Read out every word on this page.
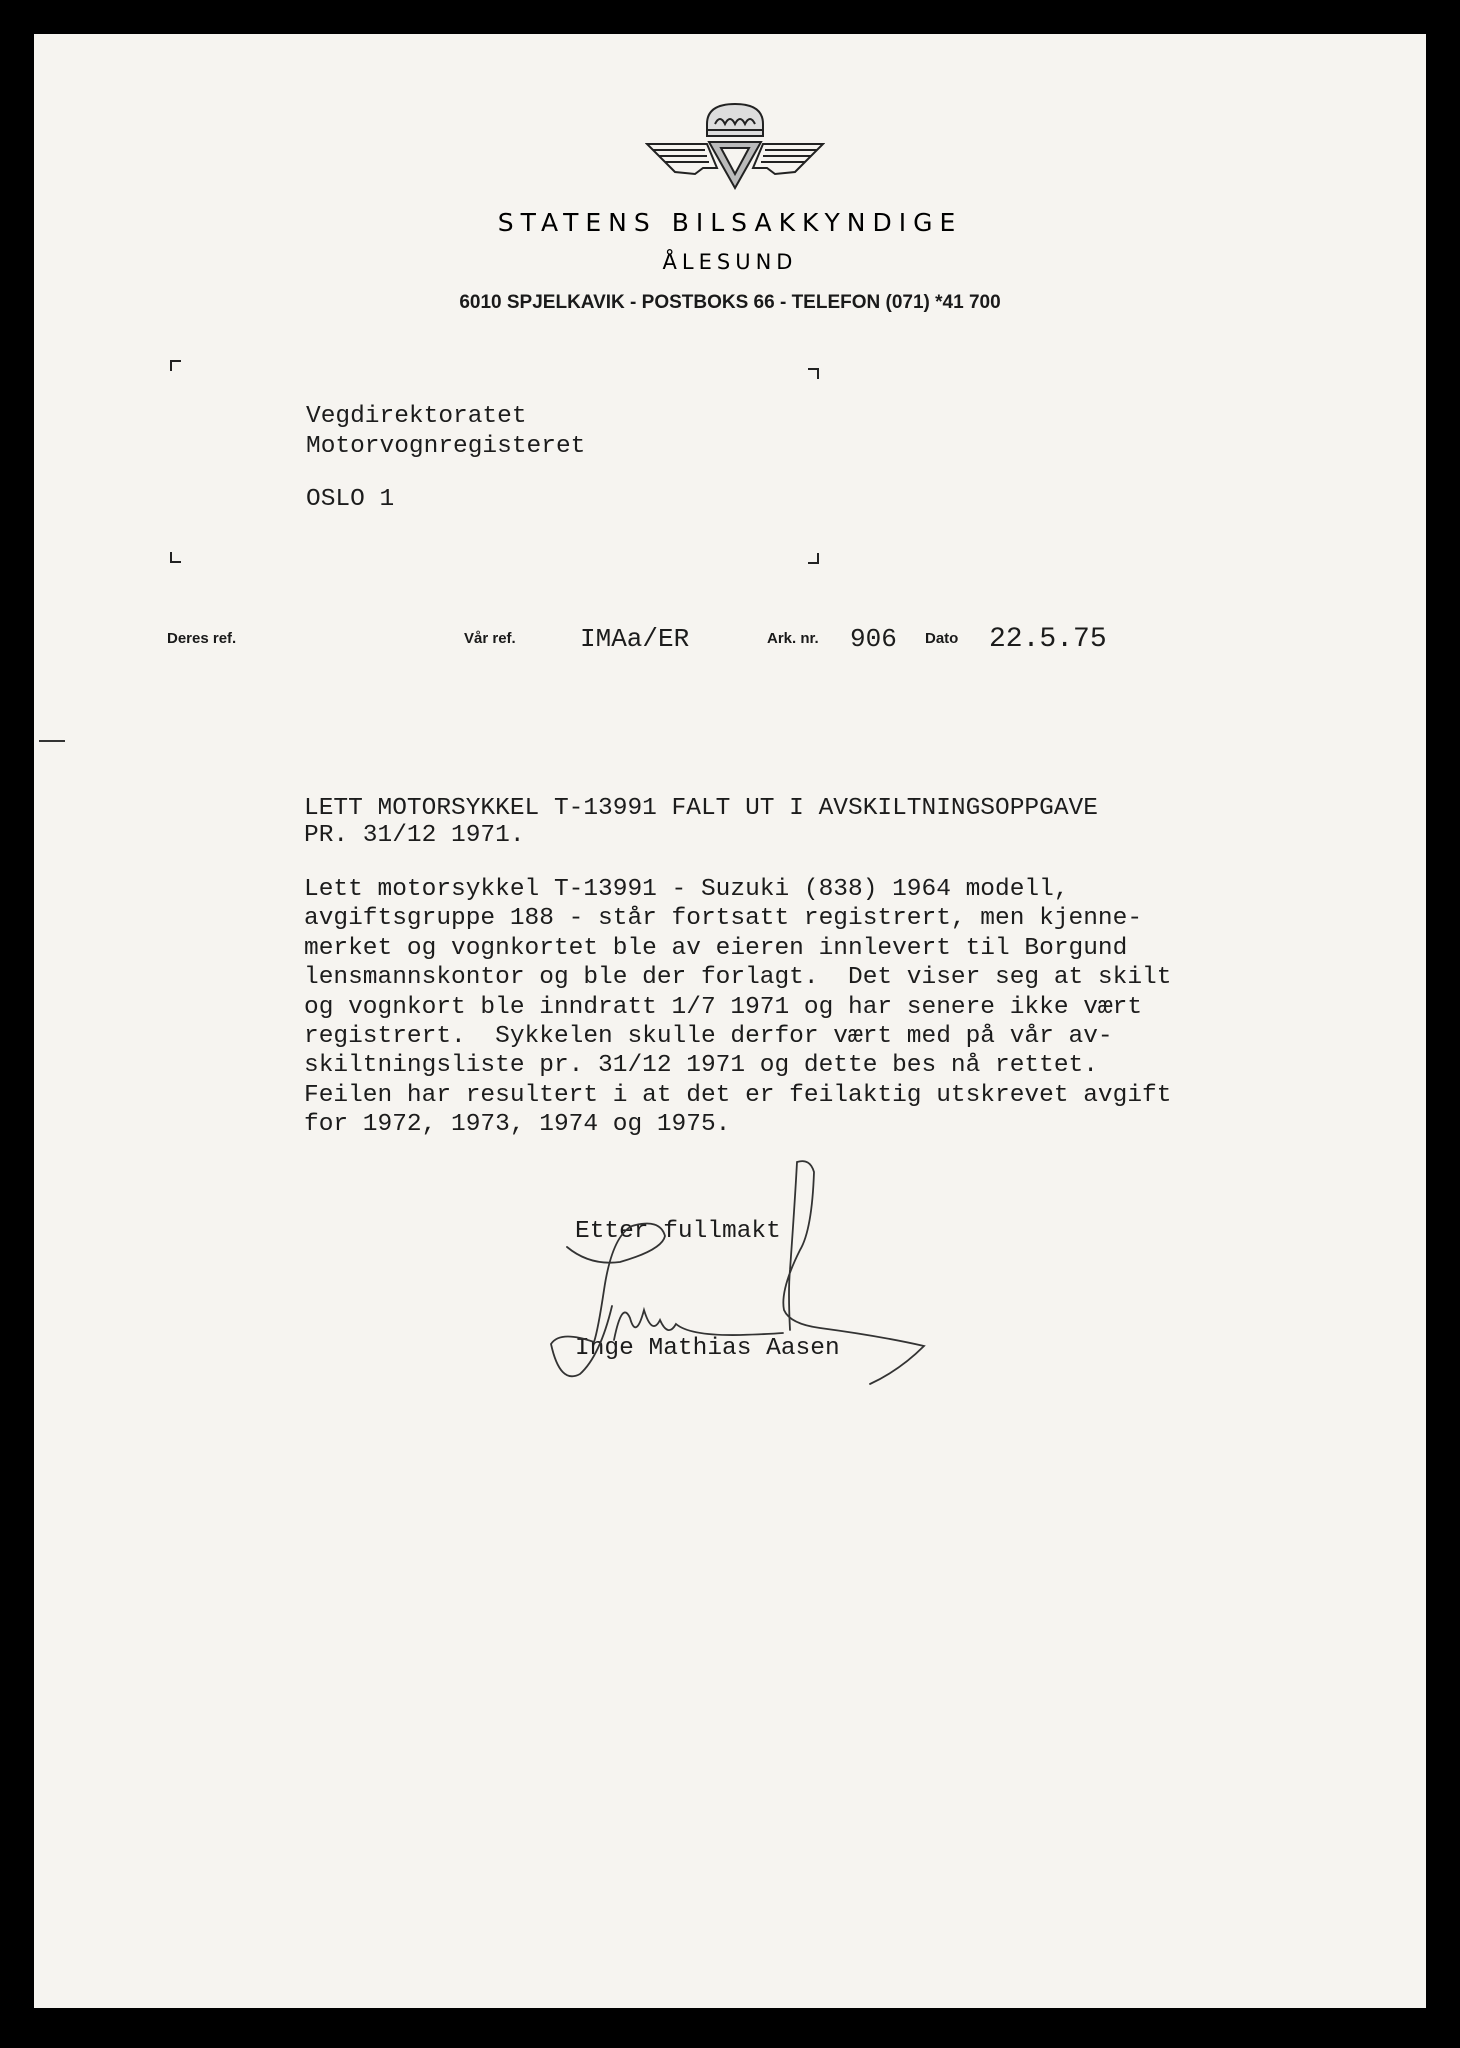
STATENS BILSAKKYNDIGE
ÅLESUND
6010 SPJELKAVIK - POSTBOKS 66 - TELEFON (071) *41 700
Vegdirektoratet
Motorvognregisteret
OSLO 1
Deres ref.	Vår ref. IMAa/ER	Ark. nr. 906 Dato 22.5.75
LETT MOTORSYKKEL T-13991 FALT UT I AVSKILTNINGSOPPGAVE
PR. 31/12 1971.
Lett motorsykkel T-13991 - Suzuki (838) 1964 modell,
avgiftsgruppe 188 - står fortsatt registrert, men kjenne-
merket og vognkortet ble av eieren innlevert til Borgund
lensmannskontor og ble der forlagt.  Det viser seg at skilt
og vognkort ble inndratt 1/7 1971 og har senere ikke vært
registrert.  Sykkelen skulle derfor vært med på vår av-
skiltningsliste pr. 31/12 1971 og dette bes nå rettet.
Feilen har resultert i at det er feilaktig utskrevet avgift
for 1972, 1973, 1974 og 1975.
Etter fullmakt
Inge Mathias Aasen
